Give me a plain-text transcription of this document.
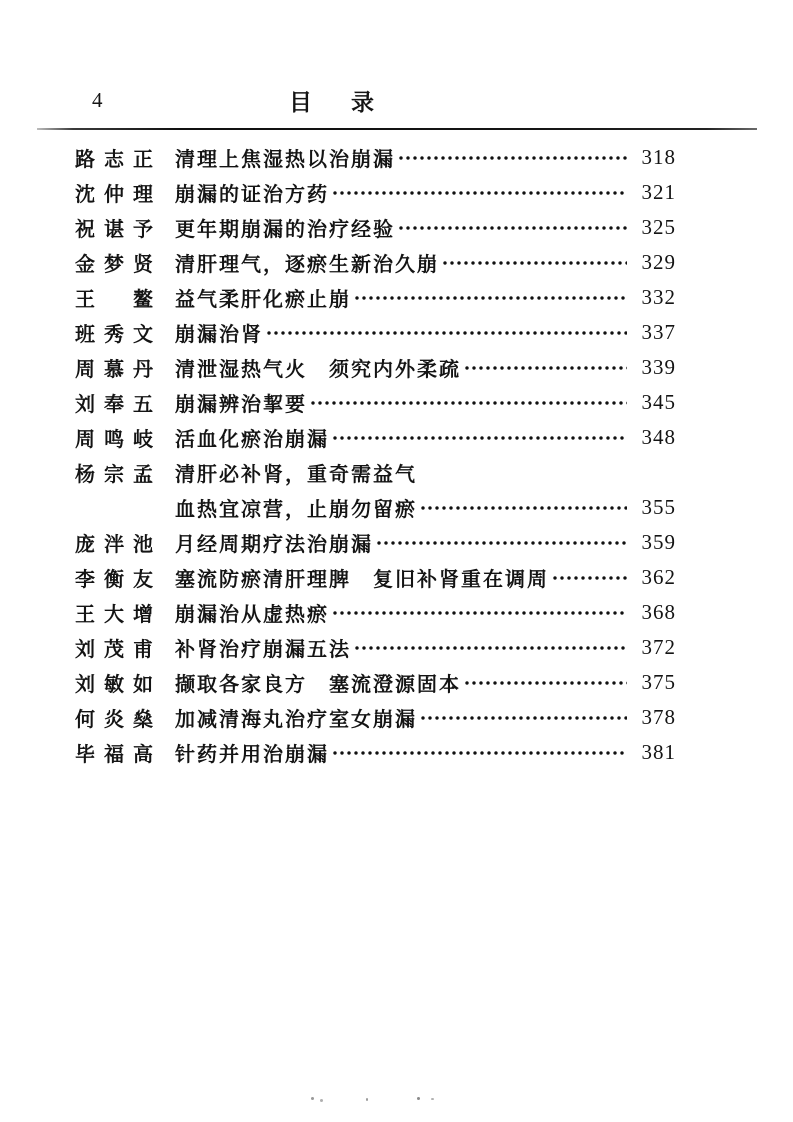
4	目　录
路志正 清理上焦湿热以治崩漏	318
沈仲理 崩漏的证治方药	321
祝谌予 更年期崩漏的治疗经验	325
金梦贤 清肝理气，逐瘀生新治久崩	329
王鳌 益气柔肝化瘀止崩	332
班秀文 崩漏治肾	337
周慕丹 清泄湿热气火　须究内外柔疏	339
刘奉五 崩漏辨治挈要	345
周鸣岐 活血化瘀治崩漏	348
杨宗孟 清肝必补肾，重奇需益气
血热宜凉营，止崩勿留瘀	355
庞泮池 月经周期疗法治崩漏	359
李衡友 塞流防瘀清肝理脾　复旧补肾重在调周	362
王大增 崩漏治从虚热瘀	368
刘茂甫 补肾治疗崩漏五法	372
刘敏如 撷取各家良方　塞流澄源固本	375
何炎燊 加减清海丸治疗室女崩漏	378
毕福高 针药并用治崩漏	381
